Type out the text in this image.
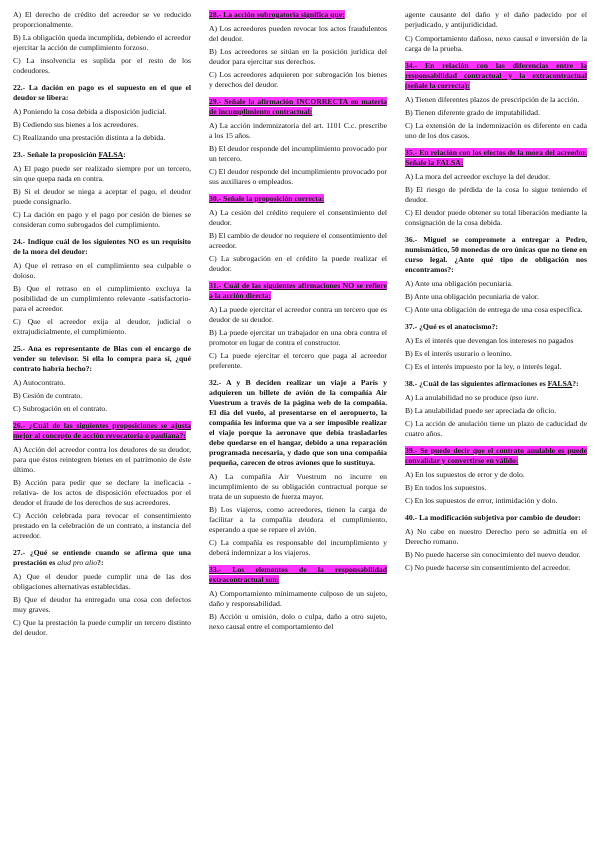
A) El derecho de crédito del acreedor se ve reducido proporcionalmente.
B) La obligación queda incumplida, debiendo el acreedor ejercitar la acción de cumplimiento forzoso.
C) La insolvencia es suplida por el resto de los codeudores.
22.- La dación en pago es el supuesto en el que el deudor se libera:
A) Poniendo la cosa debida a disposición judicial.
B) Cediendo sus bienes a los acreedores.
C) Realizando una prestación distinta a la debida.
23.- Señale la proposición FALSA:
A) El pago puede ser realizado siempre por un tercero, sin que quepa nada en contra.
B) Si el deudor se niega a aceptar el pago, el deudor puede consignarlo.
C) La dación en pago y el pago por cesión de bienes se consideran como subrogados del cumplimiento.
24.- Indique cuál de los siguientes NO es un requisito de la mora del deudor:
A) Que el retraso en el cumplimiento sea culpable o doloso.
B) Que el retraso en el cumplimiento excluya la posibilidad de un cumplimiento relevante -satisfactorio- para el acreedor.
C) Que el acreedor exija al deudor, judicial o extrajudicialmente, el cumplimiento.
25.- Ana es representante de Blas con el encargo de vender su televisor. Si ella lo compra para sí, ¿qué contrato habría hecho?:
A) Autocontrato.
B) Cesión de contrato.
C) Subrogación en el contrato.
26.- ¿Cuál de las siguientes proposiciones se ajusta mejor al concepto de acción revocatoria o pauliana?:
A) Acción del acreedor contra los deudores de su deudor, para que éstos reintegren bienes en el patrimonio de éste último.
B) Acción para pedir que se declare la ineficacia -relativa- de los actos de disposición efectuados por el deudor el fraude de los derechos de sus acreedores.
C) Acción celebrada para revocar el consentimiento prestado en la celebración de un contrato, a instancia del acreedor.
27.- ¿Qué se entiende cuando se afirma que una prestación es alud pro alio?:
A) Que el deudor puede cumplir una de las dos obligaciones alternativas establecidas.
B) Que el deudor ha entregado una cosa con defectos muy graves.
C) Que la prestación la puede cumplir un tercero distinto del deudor.
28.- La acción subrogatoria significa que:
A) Los acreedores pueden revocar los actos fraudulentos del deudor.
B) Los acreedores se sitúan en la posición jurídica del deudor para ejercitar sus derechos.
C) Los acreedores adquieren por subrogación los bienes y derechos del deudor.
29.- Señale la afirmación INCORRECTA en materia de incumplimiento contractual:
A) La acción indemnizatoria del art. 1101 C.c. prescribe a los 15 años.
B) El deudor responde del incumplimiento provocado por un tercero.
C) El deudor responde del incumplimiento provocado por sus auxiliares o empleados.
30.- Señale la proposición correcta:
A) La cesión del crédito requiere el consentimiento del deudor.
B) El cambio de deudor no requiere el consentimiento del acreedor.
C) La subrogación en el crédito la puede realizar el deudor.
31.- Cuál de las siguientes afirmaciones NO se refiere a la acción directa:
A) La puede ejercitar el acreedor contra un tercero que es deudor de su deudor.
B) La puede ejercitar un trabajador en una obra contra el promotor en lugar de contra el constructor.
C) La puede ejercitar el tercero que paga al acreedor preferente.
32.- A y B deciden realizar un viaje a París y adquieren un billete de avión de la compañía Air Vuestrum a través de la página web de la compañía. El día del vuelo, al presentarse en el aeropuerto, la compañía les informa que va a ser imposible realizar el viaje porque la aeronave que debía trasladarles debe quedarse en el hangar, debido a una reparación programada necesaria, y dado que son una compañía pequeña, carecen de otros aviones que lo sustituya.
A) La compañía Air Vuestrum no incurre en incumplimiento de su obligación contractual porque se trata de un supuesto de fuerza mayor.
B) Los viajeros, como acreedores, tienen la carga de facilitar a la compañía deudora el cumplimiento, esperando a que se repare el avión.
C) La compañía es responsable del incumplimiento y deberá indemnizar a los viajeros.
33.- Los elementos de la responsabilidad extracontractual son:
A) Comportamiento mínimamente culposo de un sujeto, daño y responsabilidad.
B) Acción u omisión, dolo o culpa, daño a otro sujeto, nexo causal entre el comportamiento del
agente causante del daño y el daño padecido por el perjudicado, y antijuridicidad.
C) Comportamiento dañoso, nexo causal e inversión de la carga de la prueba.
34.- En relación con las diferencias entre la responsabilidad contractual y la extracontractual (señale la correcta):
A) Tienen diferentes plazos de prescripción de la acción.
B) Tienen diferente grado de imputabilidad.
C) La extensión de la indemnización es diferente en cada uno de los dos casos.
35.- En relación con los efectos de la mora del acreedor. Señale la FALSA:
A) La mora del acreedor excluye la del deudor.
B) El riesgo de pérdida de la cosa lo sigue teniendo el deudor.
C) El deudor puede obtener su total liberación mediante la consignación de la cosa debida.
36.- Miguel se compromete a entregar a Pedro, numismático, 50 monedas de oro únicas que no tiene en curso legal. ¿Ante qué tipo de obligación nos encontramos?:
A) Ante una obligación pecuniaria.
B) Ante una obligación pecuniaria de valor.
C) Ante una obligación de entrega de una cosa específica.
37.- ¿Qué es el anatocismo?:
A) Es el interés que devengan los intereses no pagados
B) Es el interés usurario o leonino.
C) Es el interés impuesto por la ley, o interés legal.
38.- ¿Cuál de las siguientes afirmaciones es FALSA?:
A) La anulabilidad no se produce ipso iure.
B) La anulabilidad puede ser apreciada de oficio.
C) La acción de anulación tiene un plazo de caducidad de cuatro años.
39.- Se puede decir que el contrato anulable es puede convalidar y convertirse en válido:
A) En los supuestos de error y de dolo.
B) En todos los supuestos.
C) En los supuestos de error, intimidación y dolo.
40.- La modificación subjetiva por cambio de deudor:
A) No cabe en nuestro Derecho pero se admitía en el Derecho romano.
B) No puede hacerse sin conocimiento del nuevo deudor.
C) No puede hacerse sin consentimiento del acreedor.
